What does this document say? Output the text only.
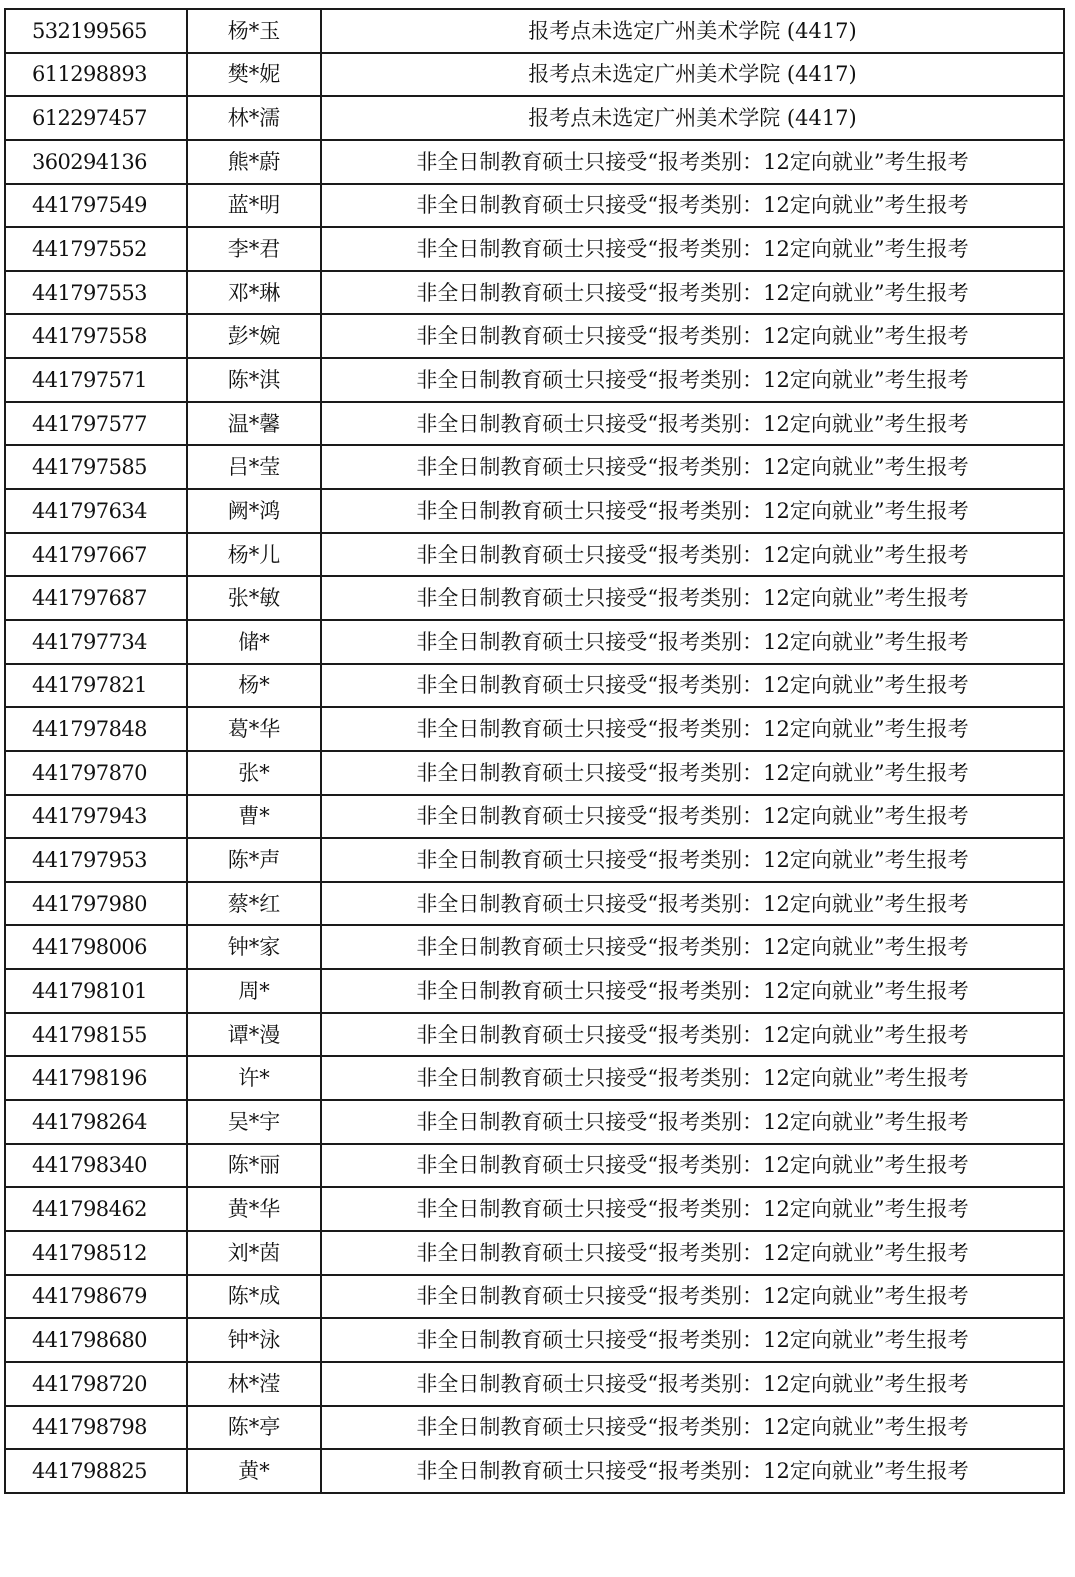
532199565	杨*玉	报考点未选定广州美术学院 (4417)
611298893	樊*妮	报考点未选定广州美术学院 (4417)
612297457	林*濡	报考点未选定广州美术学院 (4417)
360294136	熊*蔚	非全日制教育硕士只接受“报考类别：12定向就业”考生报考
441797549	蓝*明	非全日制教育硕士只接受“报考类别：12定向就业”考生报考
441797552	李*君	非全日制教育硕士只接受“报考类别：12定向就业”考生报考
441797553	邓*琳	非全日制教育硕士只接受“报考类别：12定向就业”考生报考
441797558	彭*婉	非全日制教育硕士只接受“报考类别：12定向就业”考生报考
441797571	陈*淇	非全日制教育硕士只接受“报考类别：12定向就业”考生报考
441797577	温*馨	非全日制教育硕士只接受“报考类别：12定向就业”考生报考
441797585	吕*莹	非全日制教育硕士只接受“报考类别：12定向就业”考生报考
441797634	阙*鸿	非全日制教育硕士只接受“报考类别：12定向就业”考生报考
441797667	杨*儿	非全日制教育硕士只接受“报考类别：12定向就业”考生报考
441797687	张*敏	非全日制教育硕士只接受“报考类别：12定向就业”考生报考
441797734	储*	非全日制教育硕士只接受“报考类别：12定向就业”考生报考
441797821	杨*	非全日制教育硕士只接受“报考类别：12定向就业”考生报考
441797848	葛*华	非全日制教育硕士只接受“报考类别：12定向就业”考生报考
441797870	张*	非全日制教育硕士只接受“报考类别：12定向就业”考生报考
441797943	曹*	非全日制教育硕士只接受“报考类别：12定向就业”考生报考
441797953	陈*声	非全日制教育硕士只接受“报考类别：12定向就业”考生报考
441797980	蔡*红	非全日制教育硕士只接受“报考类别：12定向就业”考生报考
441798006	钟*家	非全日制教育硕士只接受“报考类别：12定向就业”考生报考
441798101	周*	非全日制教育硕士只接受“报考类别：12定向就业”考生报考
441798155	谭*漫	非全日制教育硕士只接受“报考类别：12定向就业”考生报考
441798196	许*	非全日制教育硕士只接受“报考类别：12定向就业”考生报考
441798264	吴*宇	非全日制教育硕士只接受“报考类别：12定向就业”考生报考
441798340	陈*丽	非全日制教育硕士只接受“报考类别：12定向就业”考生报考
441798462	黄*华	非全日制教育硕士只接受“报考类别：12定向就业”考生报考
441798512	刘*茵	非全日制教育硕士只接受“报考类别：12定向就业”考生报考
441798679	陈*成	非全日制教育硕士只接受“报考类别：12定向就业”考生报考
441798680	钟*泳	非全日制教育硕士只接受“报考类别：12定向就业”考生报考
441798720	林*滢	非全日制教育硕士只接受“报考类别：12定向就业”考生报考
441798798	陈*亭	非全日制教育硕士只接受“报考类别：12定向就业”考生报考
441798825	黄*	非全日制教育硕士只接受“报考类别：12定向就业”考生报考
